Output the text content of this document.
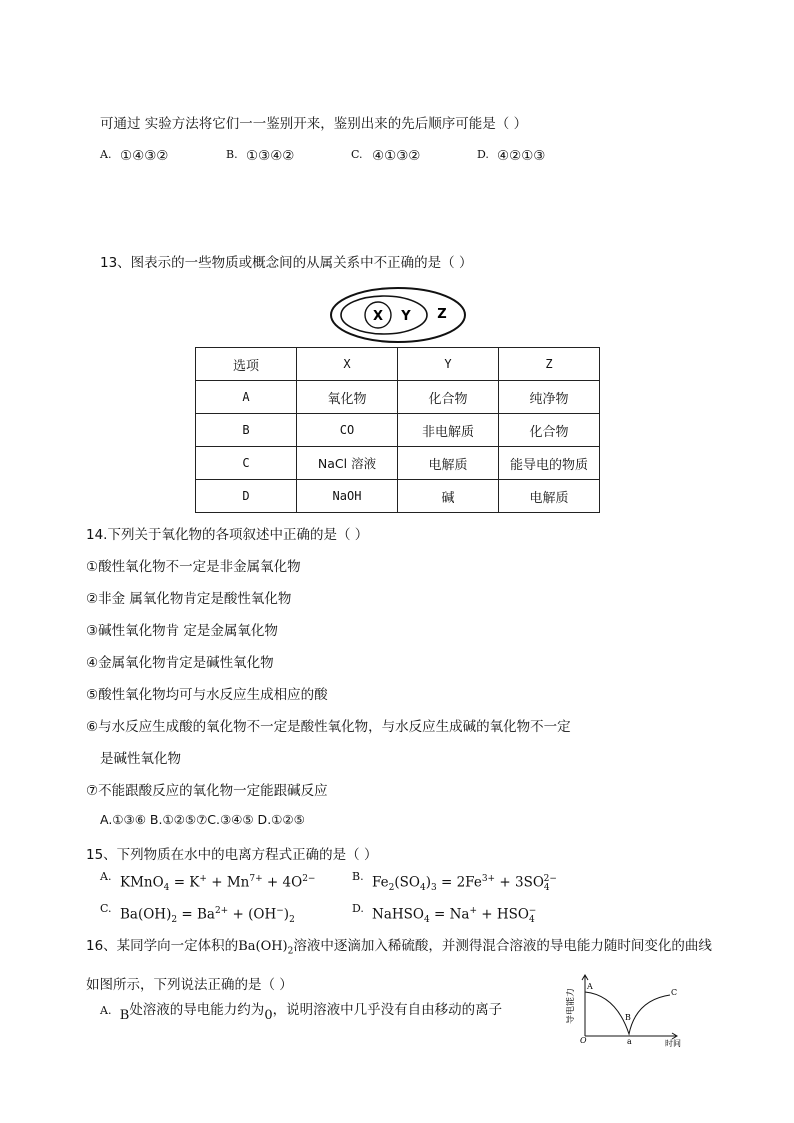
可通过 实验方法将它们一一鉴别开来，鉴别出来的先后顺序可能是（ ）
A. ①④③②	B. ①③④②	C. ④①③②	D. ④②①③
13、图表示的一些物质或概念间的从属关系中不正确的是（ ）
X Y Z
选项	X	Y	Z
A	氧化物	化合物	纯净物
B	CO	非电解质	化合物
C	NaCl 溶液	电解质	能导电的物质
D	NaOH	碱	电解质
14.下列关于氧化物的各项叙述中正确的是（ ）
①酸性氧化物不一定是非金属氧化物
②非金 属氧化物肯定是酸性氧化物
③碱性氧化物肯 定是金属氧化物
④金属氧化物肯定是碱性氧化物
⑤酸性氧化物均可与水反应生成相应的酸
⑥与水反应生成酸的氧化物不一定是酸性氧化物，与水反应生成碱的氧化物不一定
是碱性氧化物
⑦不能跟酸反应的氧化物一定能跟碱反应
A.①③⑥ B.①②⑤⑦C.③④⑤ D.①②⑤
15、下列物质在水中的电离方程式正确的是（ ）
A. KMnO$_4$ = $K^+ + Mn^{7+} + 4O^{2-}$	B. $Fe_2(SO_4)_3 = 2Fe^{3+} + 3SO_4^{2-}$
C. $Ba(OH)_2 = Ba^{2+} + (OH^-)_2$
D. NaHSO$_4$ = $Na^+ + HSO_4^-$
16、某同学向一定体积的$Ba(OH)_2$溶液中逐滴加入稀硫酸，并测得混合溶液的导电能力随时间变化的曲线
如图所示，下列说法正确的是（ ）
A. B处溶液的导电能力约为0，说明溶液中几乎没有自由移动的离子	导电能力
时间
O
A
B
C
a
